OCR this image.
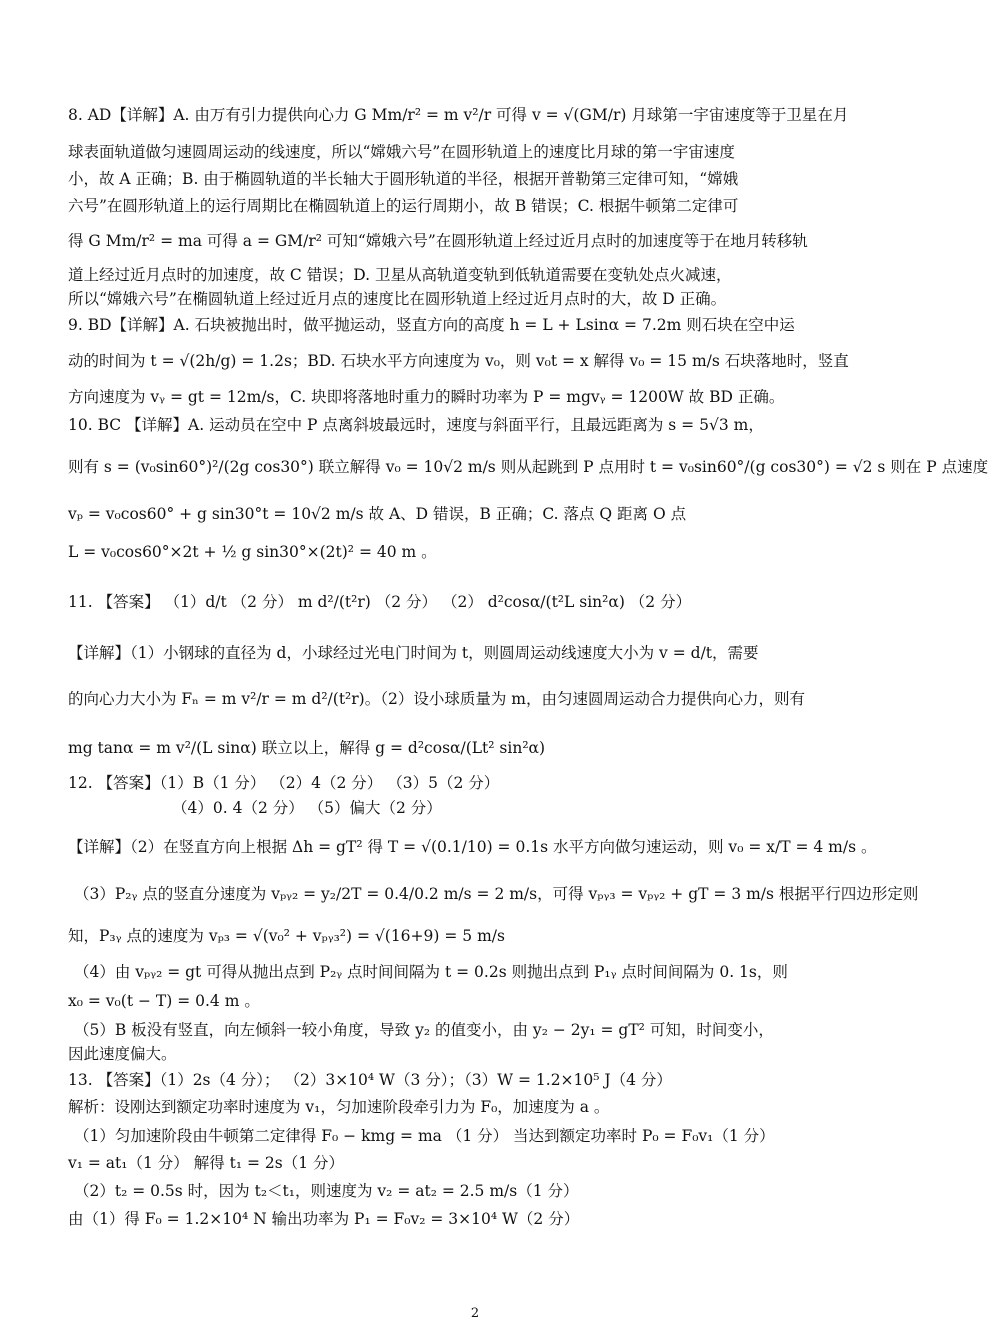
8. AD【详解】A. 由万有引力提供向心力 G Mm/r² = m v²/r 可得 v = √(GM/r) 月球第一宇宙速度等于卫星在月
球表面轨道做匀速圆周运动的线速度，所以“嫦娥六号”在圆形轨道上的速度比月球的第一宇宙速度
小，故 A 正确；B. 由于椭圆轨道的半长轴大于圆形轨道的半径，根据开普勒第三定律可知，“嫦娥
六号”在圆形轨道上的运行周期比在椭圆轨道上的运行周期小，故 B 错误；C. 根据牛顿第二定律可
得 G Mm/r² = ma 可得 a = GM/r² 可知“嫦娥六号”在圆形轨道上经过近月点时的加速度等于在地月转移轨
道上经过近月点时的加速度，故 C 错误；D. 卫星从高轨道变轨到低轨道需要在变轨处点火减速，
所以“嫦娥六号”在椭圆轨道上经过近月点的速度比在圆形轨道上经过近月点时的大，故 D 正确。
9. BD【详解】A. 石块被抛出时，做平抛运动，竖直方向的高度 h = L + Lsinα = 7.2m 则石块在空中运
动的时间为 t = √(2h/g) = 1.2s；BD. 石块水平方向速度为 v₀，则 v₀t = x 解得 v₀ = 15 m/s 石块落地时，竖直
方向速度为 vᵧ = gt = 12m/s，C. 块即将落地时重力的瞬时功率为 P = mgvᵧ = 1200W 故 BD 正确。
10. BC 【详解】A. 运动员在空中 P 点离斜坡最远时，速度与斜面平行，且最远距离为 s = 5√3 m，
则有 s = (v₀sin60°)²/(2g cos30°) 联立解得 v₀ = 10√2 m/s 则从起跳到 P 点用时 t = v₀sin60°/(g cos30°) = √2 s 则在 P 点速度
vₚ = v₀cos60° + g sin30°t = 10√2 m/s 故 A、D 错误，B 正确；C. 落点 Q 距离 O 点
L = v₀cos60°×2t + ½ g sin30°×(2t)² = 40 m 。
11. 【答案】 （1）d/t （2 分） m d²/(t²r) （2 分） （2） d²cosα/(t²L sin²α) （2 分）
【详解】（1）小钢球的直径为 d，小球经过光电门时间为 t，则圆周运动线速度大小为 v = d/t，需要
的向心力大小为 Fₙ = m v²/r = m d²/(t²r)。（2）设小球质量为 m，由匀速圆周运动合力提供向心力，则有
mg tanα = m v²/(L sinα) 联立以上，解得 g = d²cosα/(Lt² sin²α)
12. 【答案】（1）B（1 分） （2）4（2 分） （3）5（2 分）
（4）0. 4（2 分） （5）偏大（2 分）
【详解】（2）在竖直方向上根据 Δh = gT² 得 T = √(0.1/10) = 0.1s 水平方向做匀速运动，则 v₀ = x/T = 4 m/s 。
（3）P₂ᵧ 点的竖直分速度为 vₚᵧ₂ = y₂/2T = 0.4/0.2 m/s = 2 m/s，可得 vₚᵧ₃ = vₚᵧ₂ + gT = 3 m/s 根据平行四边形定则
知，P₃ᵧ 点的速度为 vₚ₃ = √(v₀² + vₚᵧ₃²) = √(16+9) = 5 m/s
（4）由 vₚᵧ₂ = gt 可得从抛出点到 P₂ᵧ 点时间间隔为 t = 0.2s 则抛出点到 P₁ᵧ 点时间间隔为 0. 1s，则
x₀ = v₀(t − T) = 0.4 m 。
（5）B 板没有竖直，向左倾斜一较小角度，导致 y₂ 的值变小，由 y₂ − 2y₁ = gT² 可知，时间变小，
因此速度偏大。
13. 【答案】（1）2s（4 分）； （2）3×10⁴ W（3 分）；（3）W = 1.2×10⁵ J（4 分）
解析：设刚达到额定功率时速度为 v₁，匀加速阶段牵引力为 F₀，加速度为 a 。
（1）匀加速阶段由牛顿第二定律得 F₀ − kmg = ma （1 分） 当达到额定功率时 P₀ = F₀v₁（1 分）
v₁ = at₁（1 分） 解得 t₁ = 2s（1 分）
（2）t₂ = 0.5s 时，因为 t₂＜t₁，则速度为 v₂ = at₂ = 2.5 m/s（1 分）
由（1）得 F₀ = 1.2×10⁴ N 输出功率为 P₁ = F₀v₂ = 3×10⁴ W（2 分）
2
